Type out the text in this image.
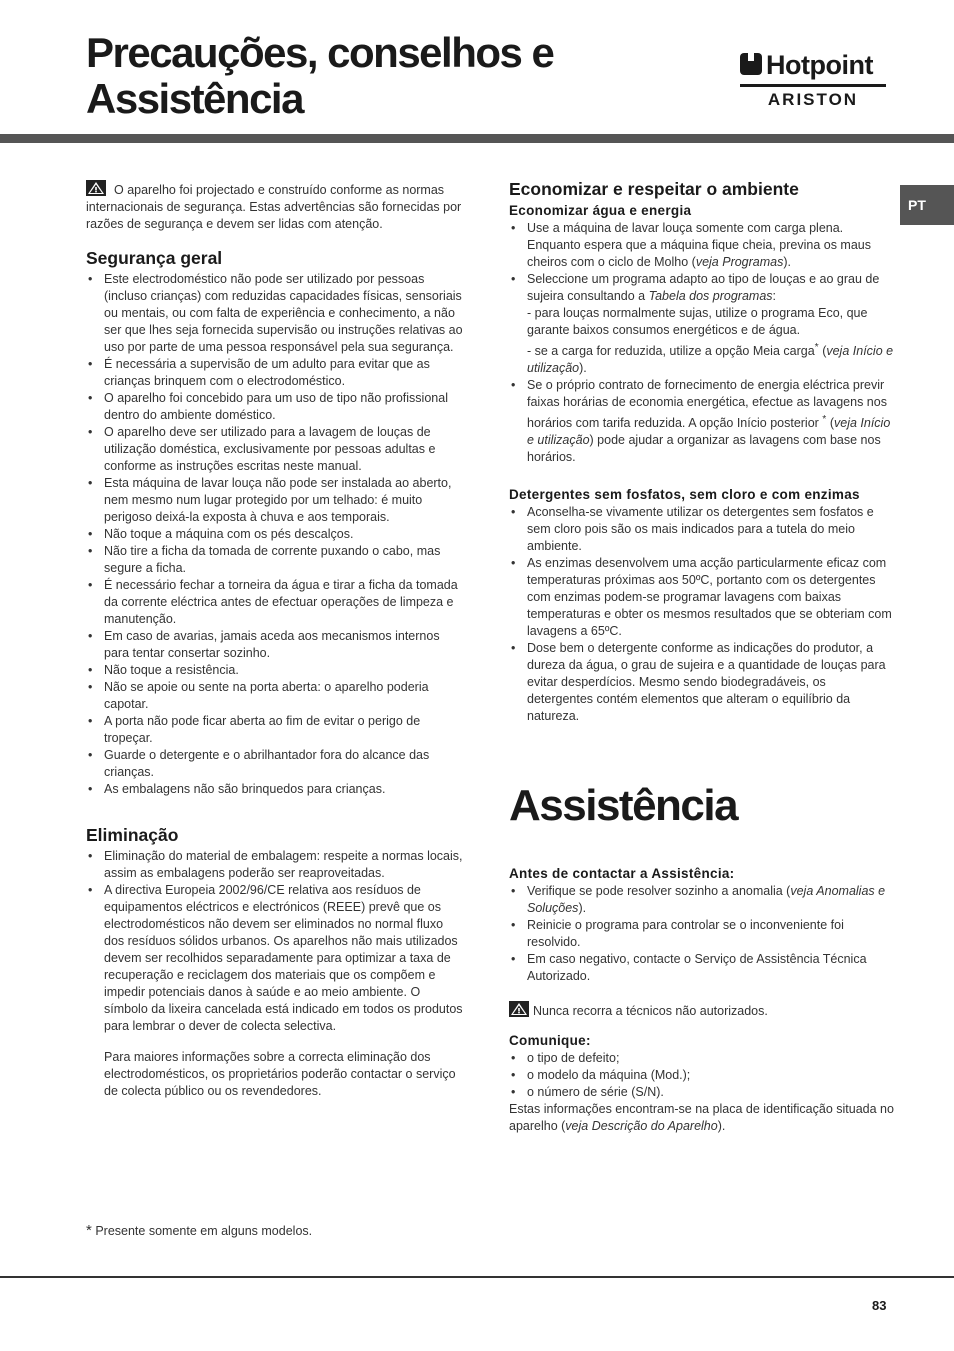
Precauções, conselhos e Assistência
Hotpoint
ARISTON
PT

O aparelho foi projectado e construído conforme as normas internacionais de segurança. Estas advertências são fornecidas por razões de segurança e devem ser lidas com atenção.

Segurança geral
• Este electrodoméstico não pode ser utilizado por pessoas (incluso crianças) com reduzidas capacidades físicas, sensoriais ou mentais, ou com falta de experiência e conhecimento, a não ser que lhes seja fornecida supervisão ou instruções relativas ao uso por parte de uma pessoa responsável pela sua segurança.
• É necessária a supervisão de um adulto para evitar que as crianças brinquem com o electrodoméstico.
• O aparelho foi concebido para um uso de tipo não profissional dentro do ambiente doméstico.
• O aparelho deve ser utilizado para a lavagem de louças de utilização doméstica, exclusivamente por pessoas adultas e conforme as instruções escritas neste manual.
• Esta máquina de lavar louça não pode ser instalada ao aberto, nem mesmo num lugar protegido por um telhado: é muito perigoso deixá-la exposta à chuva e aos temporais.
• Não toque a máquina com os pés descalços.
• Não tire a ficha da tomada de corrente puxando o cabo, mas segure a ficha.
• É necessário fechar a torneira da água e tirar a ficha da tomada da corrente eléctrica antes de efectuar operações de limpeza e manutenção.
• Em caso de avarias, jamais aceda aos mecanismos internos para tentar consertar sozinho.
• Não toque a resistência.
• Não se apoie ou sente na porta aberta: o aparelho poderia capotar.
• A porta não pode ficar aberta ao fim de evitar o perigo de tropeçar.
• Guarde o detergente e o abrilhantador fora do alcance das crianças.
• As embalagens não são brinquedos para crianças.
Eliminação
• Eliminação do material de embalagem: respeite a normas locais, assim as embalagens poderão ser reaproveitadas.
• A directiva Europeia 2002/96/CE relativa aos resíduos de equipamentos eléctricos e electrónicos (REEE) prevê que os electrodomésticos não devem ser eliminados no normal fluxo dos resíduos sólidos urbanos. Os aparelhos não mais utilizados devem ser recolhidos separadamente para optimizar a taxa de recuperação e reciclagem dos materiais que os compõem e impedir potenciais danos à saúde e ao meio ambiente. O símbolo da lixeira cancelada está indicado em todos os produtos para lembrar o dever de colecta selectiva.

Para maiores informações sobre a correcta eliminação dos electrodomésticos, os proprietários poderão contactar o serviço de colecta público ou os revendedores.

Economizar e respeitar o ambiente
Economizar água e energia
• Use a máquina de lavar louça somente com carga plena. Enquanto espera que a máquina fique cheia, previna os maus cheiros com o ciclo de Molho (veja Programas).
• Seleccione um programa adapto ao tipo de louças e ao grau de sujeira consultando a Tabela dos programas:
- para louças normalmente sujas, utilize o programa Eco, que garante baixos consumos energéticos e de água.
- se a carga for reduzida, utilize a opção Meia carga* (veja Início e utilização).
• Se o próprio contrato de fornecimento de energia eléctrica previr faixas horárias de economia energética, efectue as lavagens nos horários com tarifa reduzida. A opção Início posterior * (veja Início e utilização) pode ajudar a organizar as lavagens com base nos horários.
Detergentes sem fosfatos, sem cloro e com enzimas
• Aconselha-se vivamente utilizar os detergentes sem fosfatos e sem cloro pois são os mais indicados para a tutela do meio ambiente.
• As enzimas desenvolvem uma acção particularmente eficaz com temperaturas próximas aos 50ºC, portanto com os detergentes com enzimas podem-se programar lavagens com baixas temperaturas e obter os mesmos resultados que se obteriam com lavagens a 65ºC.
• Dose bem o detergente conforme as indicações do produtor, a dureza da água, o grau de sujeira e a quantidade de louças para evitar desperdícios. Mesmo sendo biodegradáveis, os detergentes contém elementos que alteram o equilíbrio da natureza.
Assistência
Antes de contactar a Assistência:
• Verifique se pode resolver sozinho a anomalia (veja Anomalias e Soluções).
• Reinicie o programa para controlar se o inconveniente foi resolvido.
• Em caso negativo, contacte o Serviço de Assistência Técnica Autorizado.

Nunca recorra a técnicos não autorizados.

Comunique:
• o tipo de defeito;
• o modelo da máquina (Mod.);
• o número de série (S/N).

Estas informações encontram-se na placa de identificação situada no aparelho (veja Descrição do Aparelho).

* Presente somente em alguns modelos.
83
